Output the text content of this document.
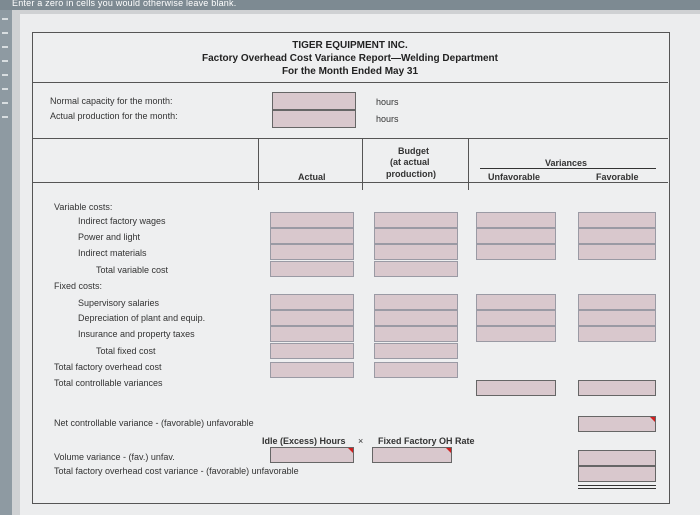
Enter a zero in cells you would otherwise leave blank.
TIGER EQUIPMENT INC.
Factory Overhead Cost Variance Report—Welding Department
For the Month Ended May 31
Normal capacity for the month:
Actual production for the month:
hours
hours
Actual
Budget
(at actual
production)
Variances
Unfavorable	Favorable
Variable costs:
Indirect factory wages
Power and light
Indirect materials
Total variable cost
Fixed costs:
Supervisory salaries
Depreciation of plant and equip.
Insurance and property taxes
Total fixed cost
Total factory overhead cost
Total controllable variances
Net controllable variance - (favorable) unfavorable
Idle (Excess) Hours × Fixed Factory OH Rate
Volume variance - (fav.) unfav.
Total factory overhead cost variance - (favorable) unfavorable
